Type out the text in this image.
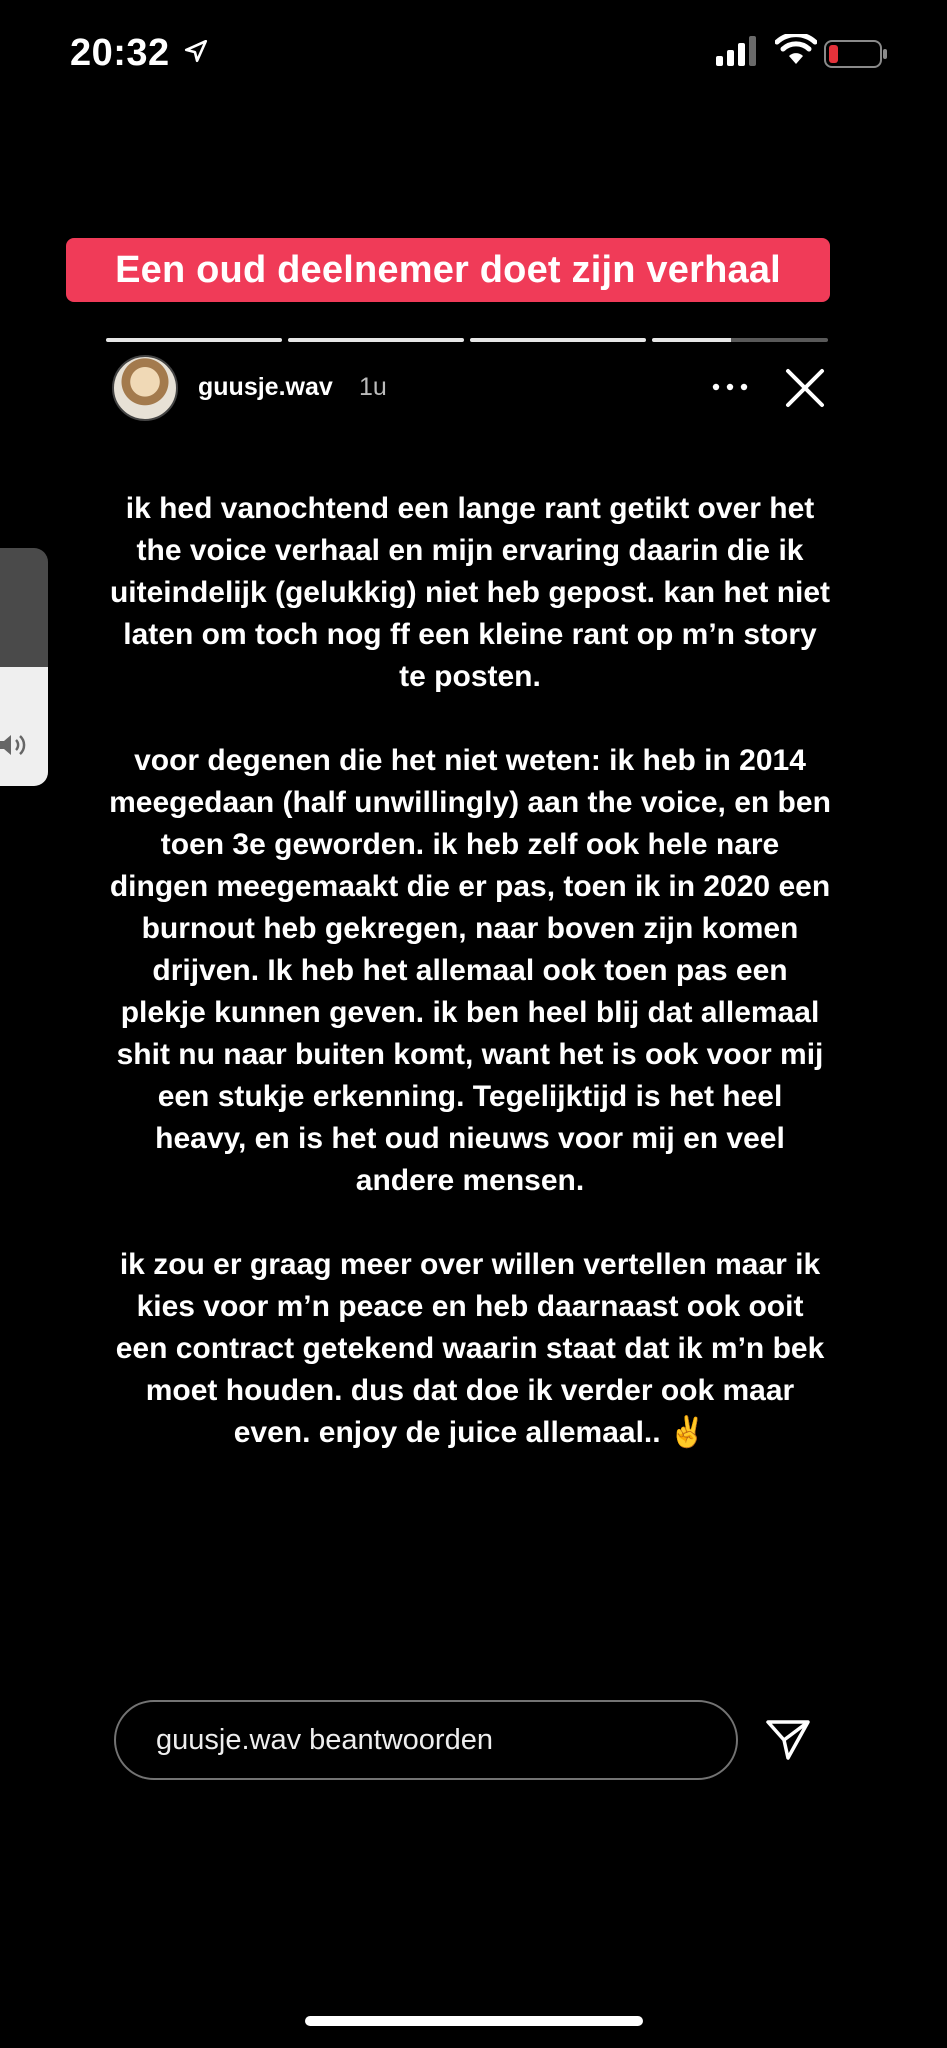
20:32
Een oud deelnemer doet zijn verhaal
guusje.wav 1u

ik hed vanochtend een lange rant getikt over het the voice verhaal en mijn ervaring daarin die ik uiteindelijk (gelukkig) niet heb gepost. kan het niet laten om toch nog ff een kleine rant op m’n story te posten.

voor degenen die het niet weten: ik heb in 2014 meegedaan (half unwillingly) aan the voice, en ben toen 3e geworden. ik heb zelf ook hele nare dingen meegemaakt die er pas, toen ik in 2020 een burnout heb gekregen, naar boven zijn komen drijven. Ik heb het allemaal ook toen pas een plekje kunnen geven. ik ben heel blij dat allemaal shit nu naar buiten komt, want het is ook voor mij een stukje erkenning. Tegelijktijd is het heel heavy, en is het oud nieuws voor mij en veel andere mensen.

ik zou er graag meer over willen vertellen maar ik kies voor m’n peace en heb daarnaast ook ooit een contract getekend waarin staat dat ik m’n bek moet houden. dus dat doe ik verder ook maar even. enjoy de juice allemaal.. ✌️

guusje.wav beantwoorden
